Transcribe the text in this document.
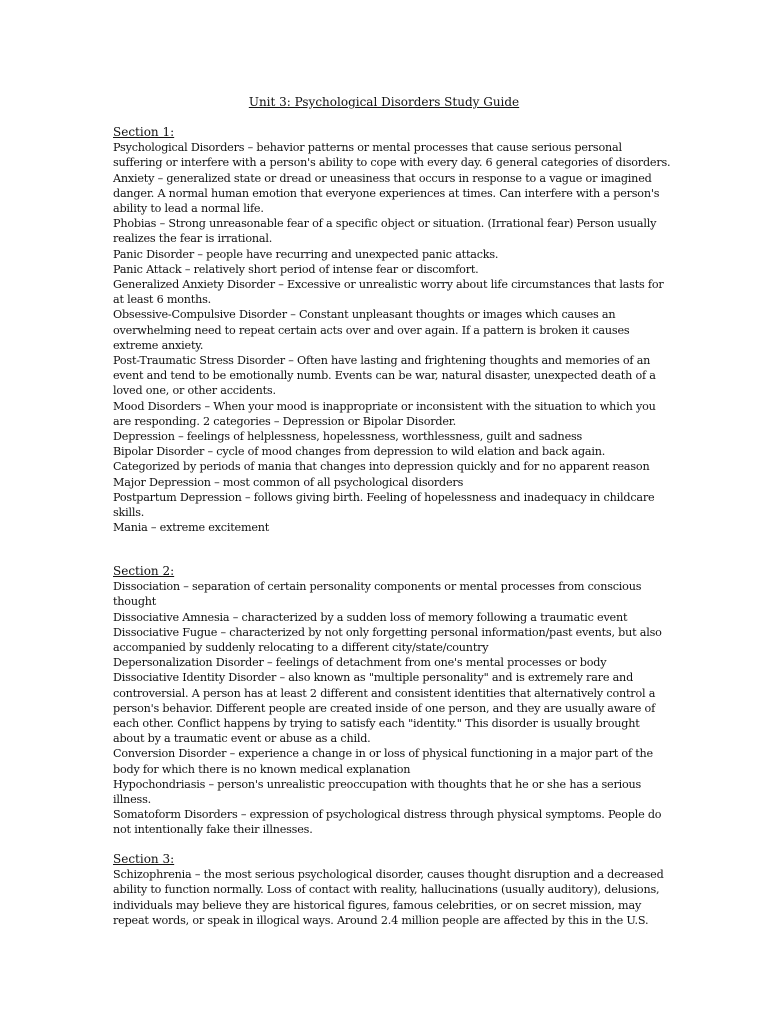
Unit 3: Psychological Disorders Study Guide
Section 1:
Psychological Disorders – behavior patterns or mental processes that cause serious personal
suffering or interfere with a person's ability to cope with every day. 6 general categories of disorders.
Anxiety – generalized state or dread or uneasiness that occurs in response to a vague or imagined
danger. A normal human emotion that everyone experiences at times. Can interfere with a person's
ability to lead a normal life.
Phobias – Strong unreasonable fear of a specific object or situation. (Irrational fear) Person usually
realizes the fear is irrational.
Panic Disorder – people have recurring and unexpected panic attacks.
Panic Attack – relatively short period of intense fear or discomfort.
Generalized Anxiety Disorder – Excessive or unrealistic worry about life circumstances that lasts for
at least 6 months.
Obsessive-Compulsive Disorder – Constant unpleasant thoughts or images which causes an
overwhelming need to repeat certain acts over and over again. If a pattern is broken it causes
extreme anxiety.
Post-Traumatic Stress Disorder – Often have lasting and frightening thoughts and memories of an
event and tend to be emotionally numb. Events can be war, natural disaster, unexpected death of a
loved one, or other accidents.
Mood Disorders – When your mood is inappropriate or inconsistent with the situation to which you
are responding. 2 categories – Depression or Bipolar Disorder.
Depression – feelings of helplessness, hopelessness, worthlessness, guilt and sadness
Bipolar Disorder – cycle of mood changes from depression to wild elation and back again.
Categorized by periods of mania that changes into depression quickly and for no apparent reason
Major Depression – most common of all psychological disorders
Postpartum Depression – follows giving birth. Feeling of hopelessness and inadequacy in childcare
skills.
Mania – extreme excitement
Section 2:
Dissociation – separation of certain personality components or mental processes from conscious
thought
Dissociative Amnesia – characterized by a sudden loss of memory following a traumatic event
Dissociative Fugue – characterized by not only forgetting personal information/past events, but also
accompanied by suddenly relocating to a different city/state/country
Depersonalization Disorder – feelings of detachment from one's mental processes or body
Dissociative Identity Disorder – also known as "multiple personality" and is extremely rare and
controversial. A person has at least 2 different and consistent identities that alternatively control a
person's behavior. Different people are created inside of one person, and they are usually aware of
each other. Conflict happens by trying to satisfy each "identity." This disorder is usually brought
about by a traumatic event or abuse as a child.
Conversion Disorder – experience a change in or loss of physical functioning in a major part of the
body for which there is no known medical explanation
Hypochondriasis – person's unrealistic preoccupation with thoughts that he or she has a serious
illness.
Somatoform Disorders – expression of psychological distress through physical symptoms. People do
not intentionally fake their illnesses.
Section 3:
Schizophrenia – the most serious psychological disorder, causes thought disruption and a decreased
ability to function normally. Loss of contact with reality, hallucinations (usually auditory), delusions,
individuals may believe they are historical figures, famous celebrities, or on secret mission, may
repeat words, or speak in illogical ways. Around 2.4 million people are affected by this in the U.S.
